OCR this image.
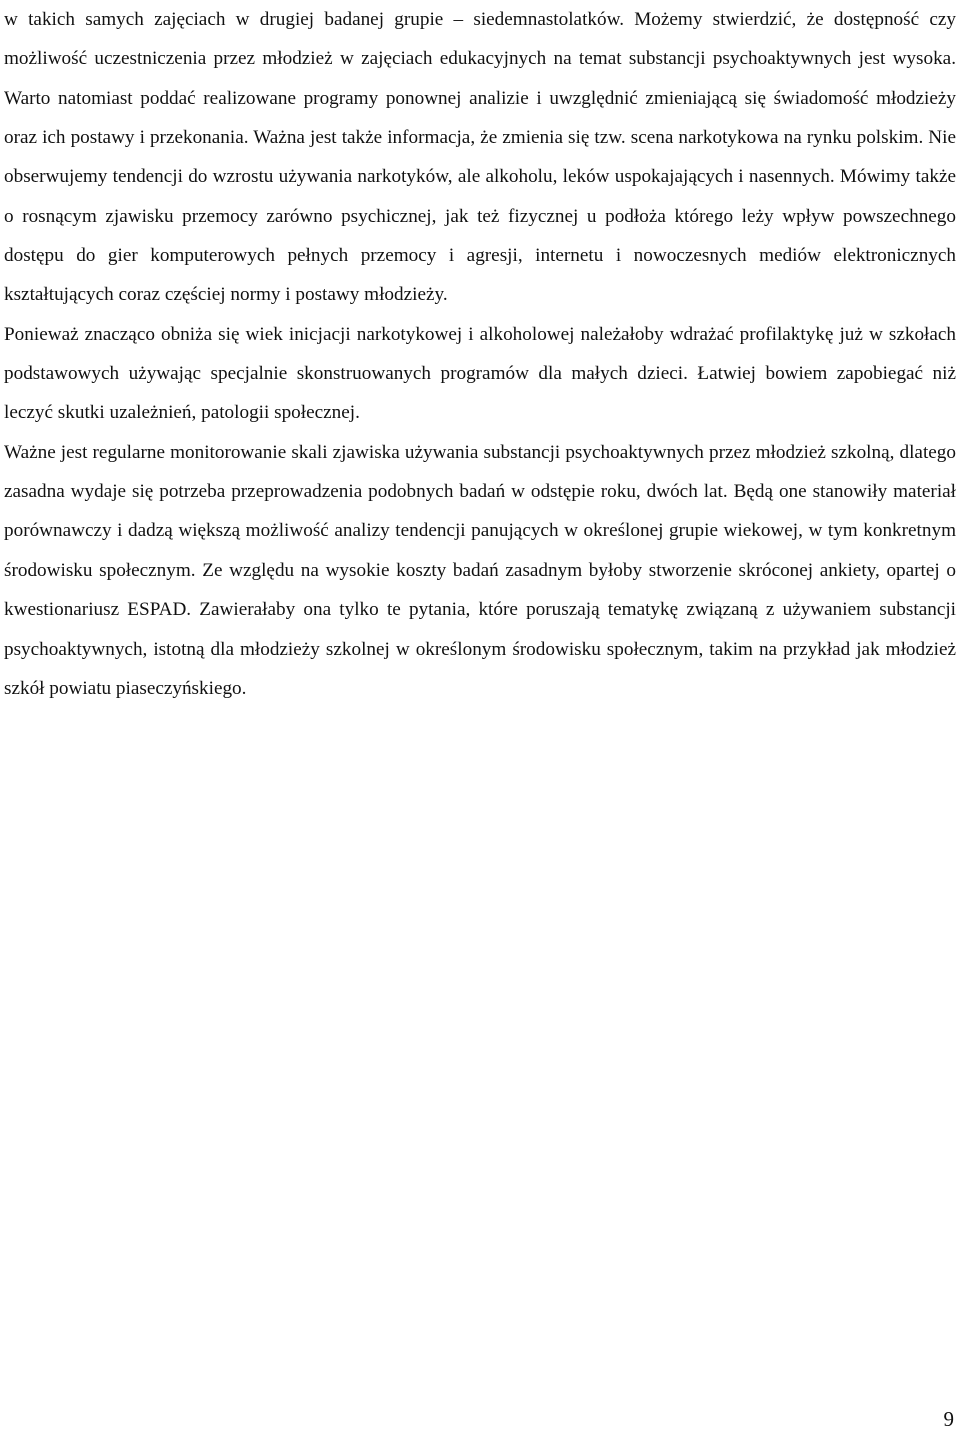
w takich samych zajęciach w drugiej badanej grupie – siedemnastolatków. Możemy stwierdzić, że dostępność czy możliwość uczestniczenia przez młodzież w zajęciach edukacyjnych na temat substancji psychoaktywnych jest wysoka. Warto natomiast poddać realizowane programy ponownej analizie i uwzględnić zmieniającą się świadomość młodzieży oraz ich postawy i przekonania. Ważna jest także informacja, że zmienia się tzw. scena narkotykowa na rynku polskim. Nie obserwujemy tendencji do wzrostu używania narkotyków, ale alkoholu, leków uspokajających i nasennych. Mówimy także o rosnącym zjawisku przemocy zarówno psychicznej, jak też fizycznej u podłoża którego leży wpływ powszechnego dostępu do gier komputerowych pełnych przemocy i agresji, internetu i nowoczesnych mediów elektronicznych kształtujących coraz częściej normy i postawy młodzieży.

Ponieważ znacząco obniża się wiek inicjacji narkotykowej i alkoholowej należałoby wdrażać profilaktykę już w szkołach podstawowych używając specjalnie skonstruowanych programów dla małych dzieci. Łatwiej bowiem zapobiegać niż leczyć skutki uzależnień, patologii społecznej.

Ważne jest regularne monitorowanie skali zjawiska używania substancji psychoaktywnych przez młodzież szkolną, dlatego zasadna wydaje się potrzeba przeprowadzenia podobnych badań w odstępie roku, dwóch lat. Będą one stanowiły materiał porównawczy i dadzą większą możliwość analizy tendencji panujących w określonej grupie wiekowej, w tym konkretnym środowisku społecznym. Ze względu na wysokie koszty badań zasadnym byłoby stworzenie skróconej ankiety, opartej o kwestionariusz ESPAD. Zawierałaby ona tylko te pytania, które poruszają tematykę związaną z używaniem substancji psychoaktywnych, istotną dla młodzieży szkolnej w określonym środowisku społecznym, takim na przykład jak młodzież szkół powiatu piaseczyńskiego.

9
